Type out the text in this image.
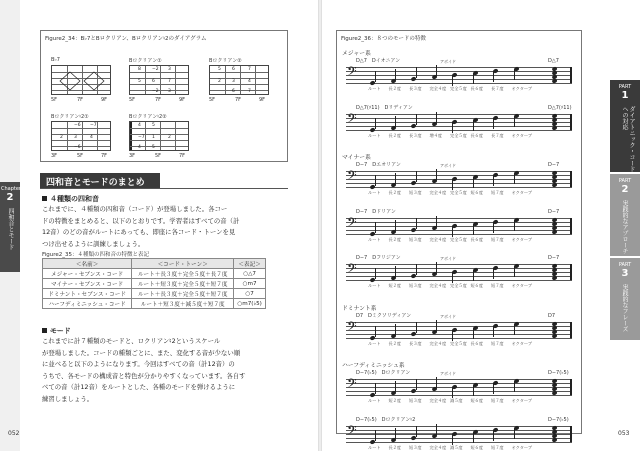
Chapter
2
四和音とモード
Figure2_34：B♭7とBロクリアン、Bロクリアン♮2のダイアグラム
B♭7
5F	7F	9F
Bロクリアン①
8 −2 3
5 6	7
−2 3
5F	7F	9F
Bロクリアン②
5 6	7
2 3	4
6	7
5F	7F	9F
Bロクリアン♮2①
−6 −7
2 3	4
−6
3F	5F	7F
Bロクリアン♮2②
4 5
−7 1	2
4 5
3F	5F	7F
四和音とモードのまとめ
４種類の四和音
これまでに、４種類の四和音（コード）が登場しました。各コー
ドの特徴をまとめると、以下のとおりです。学習者はすべての音（計
12音）のどの音がルートにあっても、即座に各コード・トーンを見
つけ出せるように訓練しましょう。
Figure2_35：４種類の四和音の特徴と表記
＜名前＞	＜コード・トーン＞	＜表記＞
メジャー・セブンス・コード	ルート＋長３度＋完全５度＋長７度	○△7
マイナー・セブンス・コード	ルート＋短３度＋完全５度＋短７度	○m7
ドミナント・セブンス・コード	ルート＋長３度＋完全５度＋短７度	○7
ハーフディミニッシュ・コード	ルート＋短３度＋減５度＋短７度	○m7(♭5)
モード
これまでに計７種類のモードと、ロクリアン♮2というスケール
が登場しました。コードの種類ごとに、また、変化する音が少ない順
に並べると以下のようになります。今回はすべての音（計12音）の
うちで、各モードの構成音と特色が分かりやすくなっています。各自す
べての音（計12音）をルートとした、各種のモードを弾けるように
練習しましょう。
052
Figure2_36：８つのモードの特徴
メジャー系
D△7　Dイオニアン	アボイド	D△7
𝄢
ルート 長２度 長３度 完全４度 完全５度 長６度 長７度 オクターブ
D△7(♯11)　Dリディアン	D△7(♯11)
𝄢
ルート 長２度 長３度 増４度 完全５度 長６度 長７度 オクターブ
マイナー系
D−7　Dエオリアン	アボイド	D−7
𝄢
ルート 長２度 短３度 完全４度 完全５度 短６度 短７度 オクターブ
D−7　Dドリアン	D−7
𝄢
ルート 長２度 短３度 完全４度 完全５度 長６度 短７度 オクターブ
D−7　Dフリジアン	アボイド	D−7
𝄢
ルート 短２度 短３度 完全４度 完全５度 短６度 短７度 オクターブ
ドミナント系
D7　Dミクソリディアン	アボイド	D7
𝄢
ルート 長２度 長３度 完全４度 完全５度 長６度 短７度 オクターブ
ハーフディミニッシュ系
D−7(♭5)　Dロクリアン	アボイド	D−7(♭5)
𝄢
ルート 短２度 短３度 完全４度 減５度 短６度 短７度 オクターブ
D−7(♭5)　Dロクリアン♮2	D−7(♭5)
𝄢
ルート 長２度 短３度 完全４度 減５度 短６度 短７度 オクターブ
PART
1
ダイアトニック・コードへの対応
PART
2
実践的なアプローチ
PART
3
実践的なフレーズ
053
